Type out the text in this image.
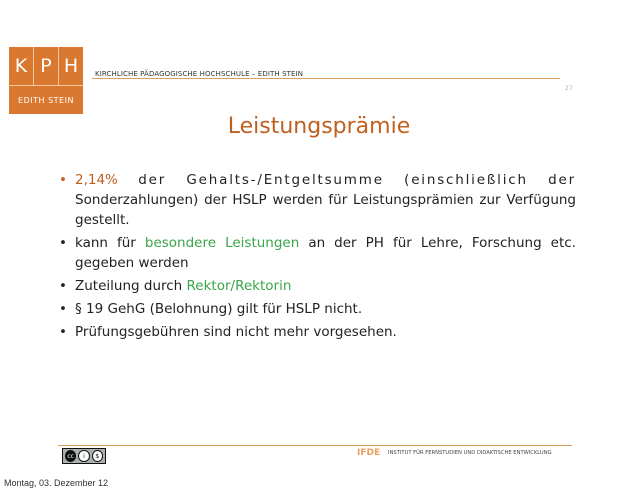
K P H
EDITH STEIN
KIRCHLICHE PÄDAGOGISCHE HOCHSCHULE – EDITH STEIN
27
Leistungsprämie
• 2,14% der Gehalts-/Entgeltsumme (einschließlich der Sonderzahlungen) der HSLP werden für Leistungsprämien zur Verfügung gestellt.
• kann für besondere Leistungen an der PH für Lehre, Forschung etc. gegeben werden
• Zuteilung durch Rektor/Rektorin
• § 19 GehG (Belohnung) gilt für HSLP nicht.
• Prüfungsgebühren sind nicht mehr vorgesehen.
cc i	$	IFDE INSTITUT FÜR FERNSTUDIEN UND DIDAKTISCHE ENTWICKLUNG
Montag, 03. Dezember 12
